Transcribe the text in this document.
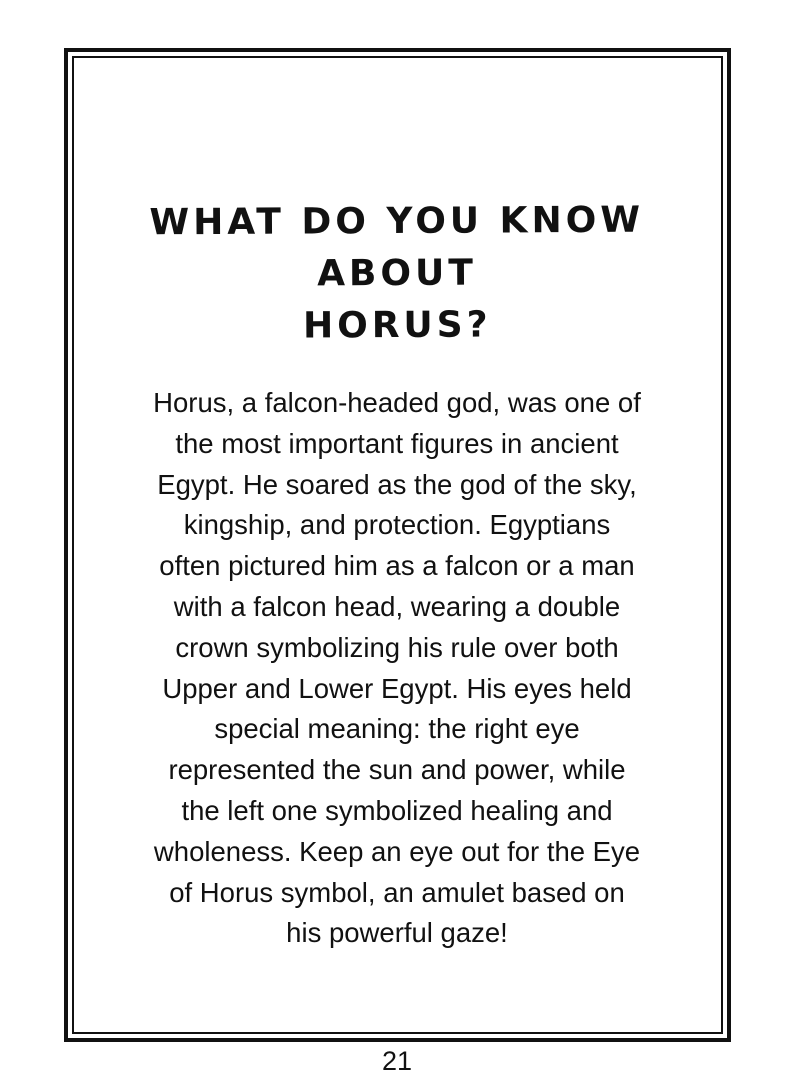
WHAT DO YOU KNOW ABOUT
HORUS?

Horus, a falcon-headed god, was one of
the most important figures in ancient
Egypt. He soared as the god of the sky,
kingship, and protection. Egyptians
often pictured him as a falcon or a man
with a falcon head, wearing a double
crown symbolizing his rule over both
Upper and Lower Egypt. His eyes held
special meaning: the right eye
represented the sun and power, while
the left one symbolized healing and
wholeness. Keep an eye out for the Eye
of Horus symbol, an amulet based on
his powerful gaze!

21
